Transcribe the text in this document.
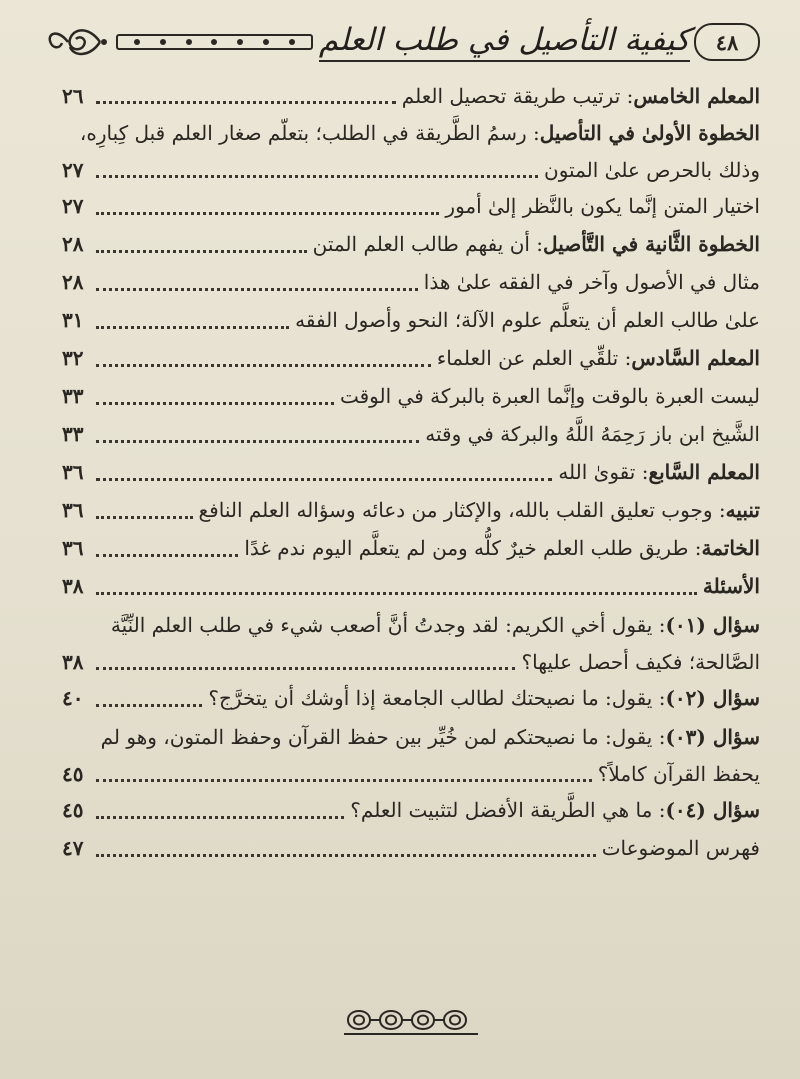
كيفية التأصيل في طلب العلم	٤٨
المعلم الخامس: ترتيب طريقة تحصيل العلم
٢٦
الخطوة الأولىٰ في التأصيل: رسمُ الطَّريقة في الطلب؛ بتعلّم صغار العلم قبل كِبارِه،
وذلك بالحرص علىٰ المتون
٢٧
اختيار المتن إنَّما يكون بالنَّظر إلىٰ أمور
٢٧
الخطوة الثَّانية في التَّأصيل: أن يفهم طالب العلم المتن
٢٨
مثال في الأصول وآخر في الفقه علىٰ هذا
٢٨
علىٰ طالب العلم أن يتعلَّم علوم الآلة؛ النحو وأصول الفقه
٣١
المعلم السَّادس: تلقِّي العلم عن العلماء
٣٢
ليست العبرة بالوقت وإنَّما العبرة بالبركة في الوقت
٣٣
الشَّيخ ابن باز رَحِمَهُ اللَّهُ والبركة في وقته
٣٣
المعلم السَّابع: تقوىٰ الله
٣٦
تنبيه: وجوب تعليق القلب بالله، والإكثار من دعائه وسؤاله العلم النافع
٣٦
الخاتمة: طريق طلب العلم خيرٌ كلُّه ومن لم يتعلَّم اليوم ندم غدًا
٣٦
الأسئلة
٣٨
سؤال (٠١): يقول أخي الكريم: لقد وجدتُ أنَّ أصعب شيء في طلب العلم النِّيَّة
الصَّالحة؛ فكيف أحصل عليها؟
٣٨
سؤال (٠٢): يقول: ما نصيحتك لطالب الجامعة إذا أوشك أن يتخرَّج؟
٤٠
سؤال (٠٣): يقول: ما نصيحتكم لمن خُيِّر بين حفظ القرآن وحفظ المتون، وهو لم
يحفظ القرآن كاملاً؟
٤٥
سؤال (٠٤): ما هي الطَّريقة الأفضل لتثبيت العلم؟
٤٥
فهرس الموضوعات
٤٧
